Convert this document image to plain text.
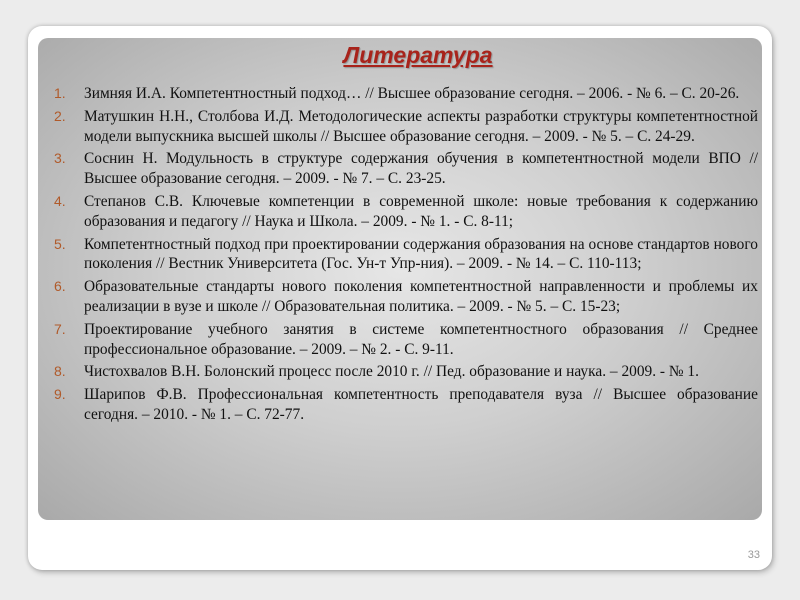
Литература
1. Зимняя И.А. Компетентностный подход… // Высшее образование сегодня. – 2006. - № 6. – С. 20-26.
2. Матушкин Н.Н., Столбова И.Д. Методологические аспекты разработки структуры компетентностной модели выпускника высшей школы // Высшее образование сегодня. – 2009. - № 5. – С. 24-29.
3. Соснин Н. Модульность в структуре содержания обучения в компетентностной модели ВПО // Высшее образование сегодня. – 2009. - № 7. – С. 23-25.
4. Степанов С.В. Ключевые компетенции в современной школе: новые требования к содержанию образования и педагогу // Наука и Школа. – 2009. - № 1. - С. 8-11;
5. Компетентностный подход при проектировании содержания образования на основе стандартов нового поколения // Вестник Университета (Гос. Ун-т Упр-ния). – 2009. - № 14. – С. 110-113;
6. Образовательные стандарты нового поколения компетентностной направленности и проблемы их реализации в вузе и школе // Образовательная политика. – 2009. - № 5. – С. 15-23;
7. Проектирование учебного занятия в системе компетентностного образования // Среднее профессиональное образование. – 2009. – № 2. - С. 9-11.
8. Чистохвалов В.Н. Болонский процесс после 2010 г. // Пед. образование и наука. – 2009. - № 1.
9. Шарипов Ф.В. Профессиональная компетентность преподавателя вуза // Высшее образование сегодня. – 2010. - № 1. – С. 72-77.
33
